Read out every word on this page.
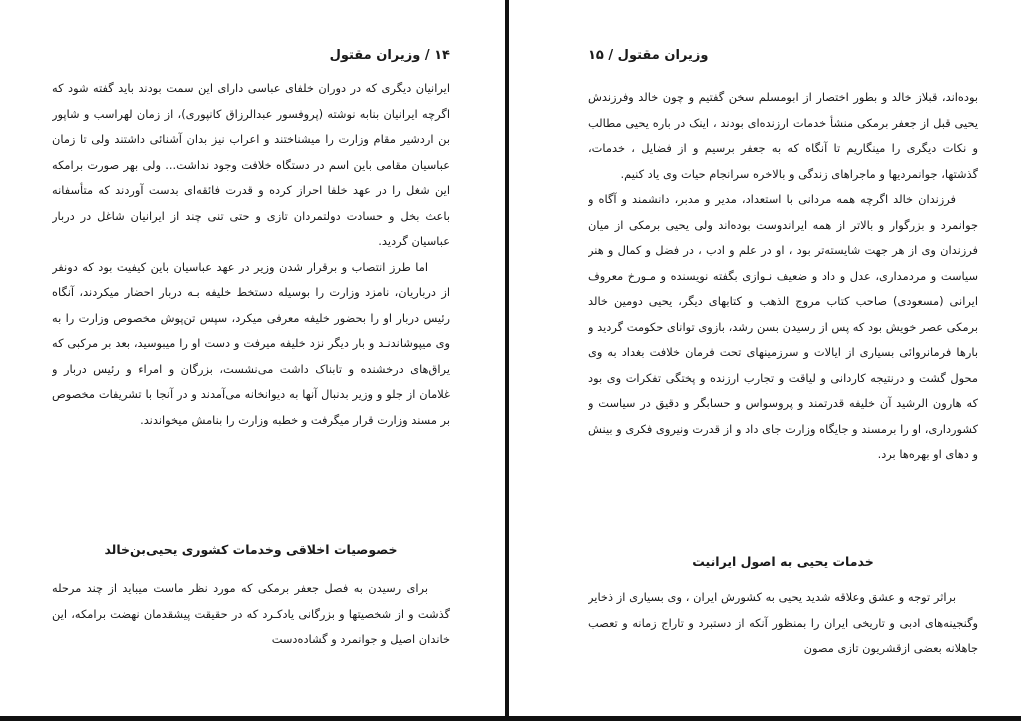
۱۴ / وزیران مقتول

ایرانیان دیگری که در دوران خلفای عباسی دارای این سمت بودند باید گفته شود که اگرچه ایرانیان بنابه نوشته (پروفسور عبدالرزاق کانپوری)، از زمان لهراسب و شاپور بن اردشیر مقام وزارت را میشناختند و اعراب نیز بدان آشنائی داشتند ولی تا زمان عباسیان مقامی باین اسم در دستگاه خلافت وجود نداشت... ولی بهر صورت برامکه این شغل را در عهد خلفا احراز کرده و قدرت فائقه‌ای بدست آوردند که متأسفانه باعث بخل و حسادت دولتمردان تازی و حتی تنی چند از ایرانیان شاغل در دربار عباسیان گردید.

اما طرز انتصاب و برقرار شدن وزیر در عهد عباسیان باین کیفیت بود که دونفر از درباریان، نامزد وزارت را بوسیله دستخط خلیفه بـه دربار احضار میکردند، آنگاه رئیس دربار او را بحضور خلیفه معرفی میکرد، سپس تن‌پوش مخصوص وزارت را به وی میپوشاندنـد و بار دیگر نزد خلیفه میرفت و دست او را میبوسید، بعد بر مرکبی که یراق‌های درخشنده و تابناک داشت می‌نشست، بزرگان و امراء و رئیس دربار و غلامان از جلو و وزیر بدنبال آنها به دیوانخانه می‌آمدند و در آنجا با تشریفات مخصوص بر مسند وزارت قرار میگرفت و خطبه وزارت را بنامش میخواندند.

خصوصیات اخلاقی وخدمات کشوری یحیی‌بن‌خالد

برای رسیدن به فصل جعفر برمکی که مورد نظر ماست میباید از چند مرحله گذشت و از شخصیتها و بزرگانی یادکـرد که در حقیقت پیشقدمان نهضت برامکه، این خاندان اصیل و جوانمرد و گشاده‌دست

وزیران مقتول / ۱۵

بوده‌اند، قبلاز خالد و بطور اختصار از ابومسلم سخن گفتیم و چون خالد وفرزندش یحیی قبل از جعفر برمکی منشأ خدمات ارزنده‌ای بودند ، اینک در باره یحیی مطالب و نکات دیگری را مینگاریم تا آنگاه که به جعفر برسیم و از فضایل ، خدمات، گذشتها، جوانمردیها و ماجراهای زندگی و بالاخره سرانجام حیات وی یاد کنیم.

فرزندان خالد اگرچه همه مردانی با استعداد، مدیر و مدبر، دانشمند و آگاه و جوانمرد و بزرگوار و بالاتر از همه ایراندوست بوده‌اند ولی یحیی برمکی از میان فرزندان وی از هر جهت شایسته‌تر بود ، او در علم و ادب ، در فضل و کمال و هنر سیاست و مردمداری، عدل و داد و ضعیف نـوازی بگفته نویسنده و مـورخ معروف ایرانی (مسعودی) صاحب کتاب مروج الذهب و کتابهای دیگر، یحیی دومین خالد برمکی عصر خویش بود که پس از رسیدن بسن رشد، بازوی توانای حکومت گردید و بارها فرمانروائی بسیاری از ایالات و سرزمینهای تحت فرمان خلافت بغداد به وی محول گشت و درنتیجه کاردانی و لیاقت و تجارب ارزنده و پختگی تفکرات وی بود که هارون الرشید آن خلیفه قدرتمند و پروسواس و حسابگر و دقیق در سیاست و کشورداری، او را برمسند و جایگاه وزارت جای داد و از قدرت ونیروی فکری و بینش و دهای او بهره‌ها برد.

خدمات یحیی به اصول ایرانیت

براثر توجه و عشق وعلاقه شدید یحیی به کشورش ایران ، وی بسیاری از ذخایر وگنجینه‌های ادبی و تاریخی ایران را بمنظور آنکه از دستبرد و تاراج زمانه و تعصب جاهلانه بعضی ازقشریون تازی مصون
